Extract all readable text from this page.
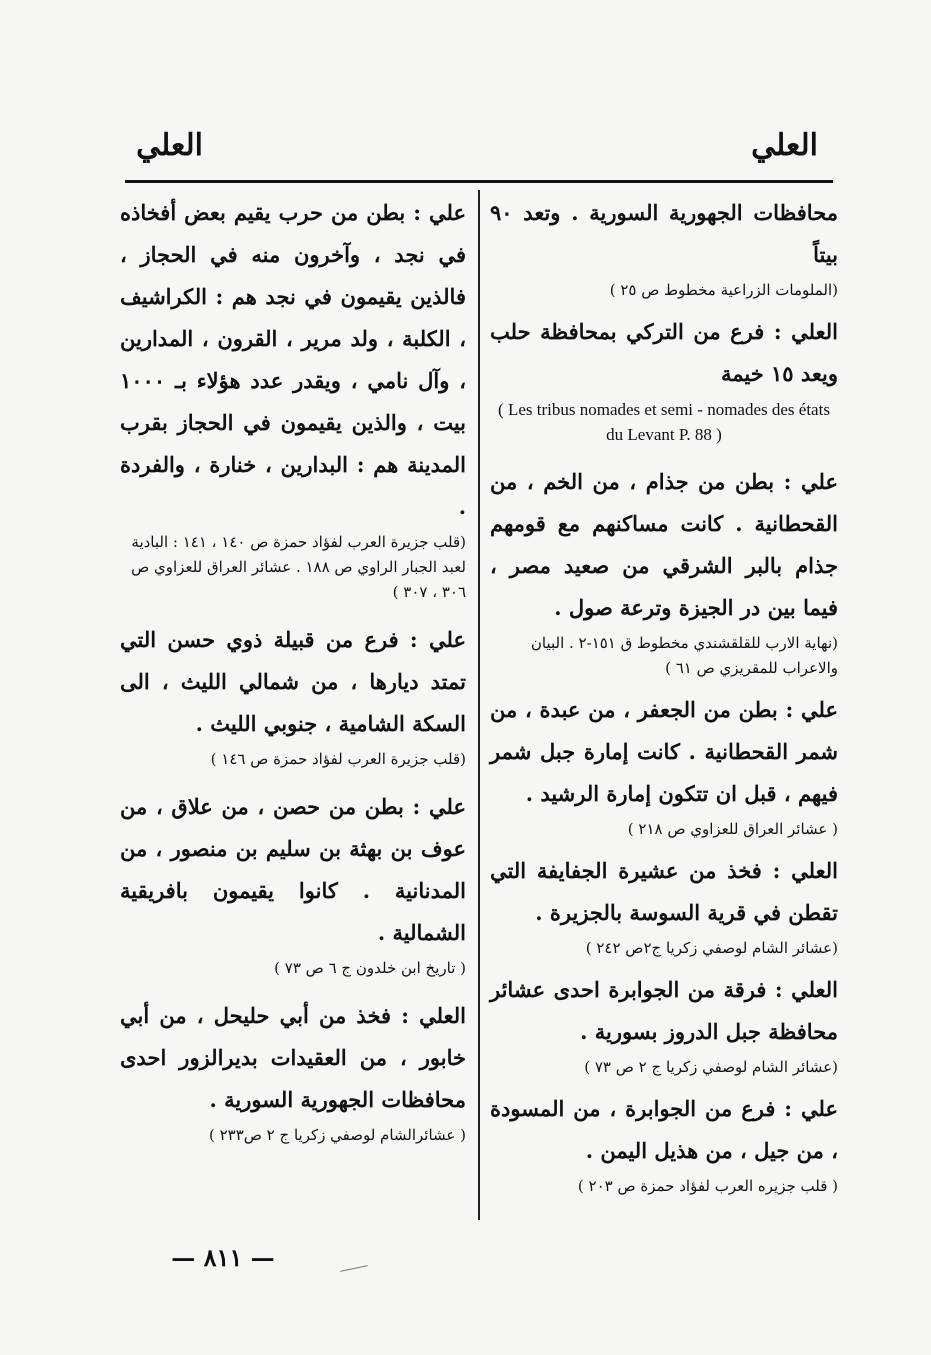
العلي
العلي

محافظات الجهورية السورية . وتعد ٩٠ بيتاً

(الملومات الزراعية مخطوط ص ٢٥ )

العلي : فرع من التركي بمحافظة حلب ويعد ١٥ خيمة

( Les tribus nomades et semi - nomades des états du Levant P. 88 )

علي : بطن من جذام ، من الخم ، من القحطانية . كانت مساكنهم مع قومهم جذام بالبر الشرقي من صعيد مصر ، فيما بين در الجيزة وترعة صول .

(نهاية الارب للقلقشندي مخطوط ق ١٥١-٢ . البيان والاعراب للمقريزي ص ٦١ )

علي : بطن من الجعفر ، من عبدة ، من شمر القحطانية . كانت إمارة جبل شمر فيهم ، قبل ان تتكون إمارة الرشيد .

( عشائر العراق للعزاوي ص ٢١٨ )

العلي : فخذ من عشيرة الجفايفة التي تقطن في قرية السوسة بالجزيرة .

(عشائر الشام لوصفي زكريا ج٢ص ٢٤٢ )

العلي : فرقة من الجوابرة احدى عشائر محافظة جبل الدروز بسورية .

(عشائر الشام لوصفي زكريا ج ٢ ص ٧٣ )

علي : فرع من الجوابرة ، من المسودة ، من جيل ، من هذيل اليمن .

( قلب جزيره العرب لفؤاد حمزة ص ٢٠٣ )

علي : بطن من حرب يقيم بعض أفخاذه في نجد ، وآخرون منه في الحجاز ، فالذين يقيمون في نجد هم : الكراشيف ، الكلبة ، ولد مرير ، القرون ، المدارين ، وآل نامي ، ويقدر عدد هؤلاء بـ ١٠٠٠ بيت ، والذين يقيمون في الحجاز بقرب المدينة هم : البدارين ، خنارة ، والفردة .

(قلب جزيرة العرب لفؤاد حمزة ص ١٤٠ ، ١٤١ : البادية لعبد الجبار الراوي ص ١٨٨ . عشائر العراق للعزاوي ص ٣٠٦ ، ٣٠٧ )

علي : فرع من قبيلة ذوي حسن التي تمتد ديارها ، من شمالي الليث ، الى السكة الشامية ، جنوبي الليث .

(قلب جزيرة العرب لفؤاد حمزة ص ١٤٦ )

علي : بطن من حصن ، من علاق ، من عوف بن بهثة بن سليم بن منصور ، من المدنانية . كانوا يقيمون بافريقية الشمالية .

( تاريخ ابن خلدون ج ٦ ص ٧٣ )

العلي : فخذ من أبي حليحل ، من أبي خابور ، من العقيدات بديرالزور احدى محافظات الجهورية السورية .

( عشائرالشام لوصفي زكريا ج ٢ ص٢٣٣ )
— ٨١١ —
